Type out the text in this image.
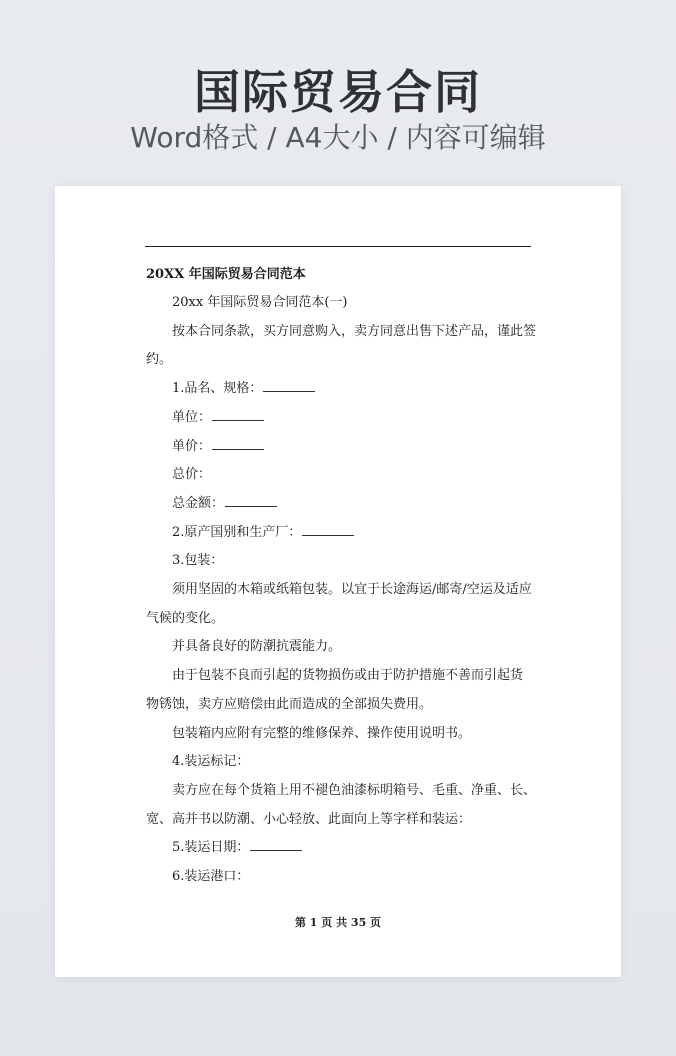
国际贸易合同
Word格式 / A4大小 / 内容可编辑
20XX 年国际贸易合同范本
20xx 年国际贸易合同范本(一)
按本合同条款，买方同意购入，卖方同意出售下述产品，谨此签
约。
1.品名、规格：
单位：
单价：
总价：
总金额：
2.原产国别和生产厂：
3.包装：
须用坚固的木箱或纸箱包装。以宜于长途海运/邮寄/空运及适应
气候的变化。
并具备良好的防潮抗震能力。
由于包装不良而引起的货物损伤或由于防护措施不善而引起货
物锈蚀，卖方应赔偿由此而造成的全部损失费用。
包装箱内应附有完整的维修保养、操作使用说明书。
4.装运标记：
卖方应在每个货箱上用不褪色油漆标明箱号、毛重、净重、长、
宽、高并书以防潮、小心轻放、此面向上等字样和装运：
5.装运日期：
6.装运港口：
第 1 页 共 35 页
